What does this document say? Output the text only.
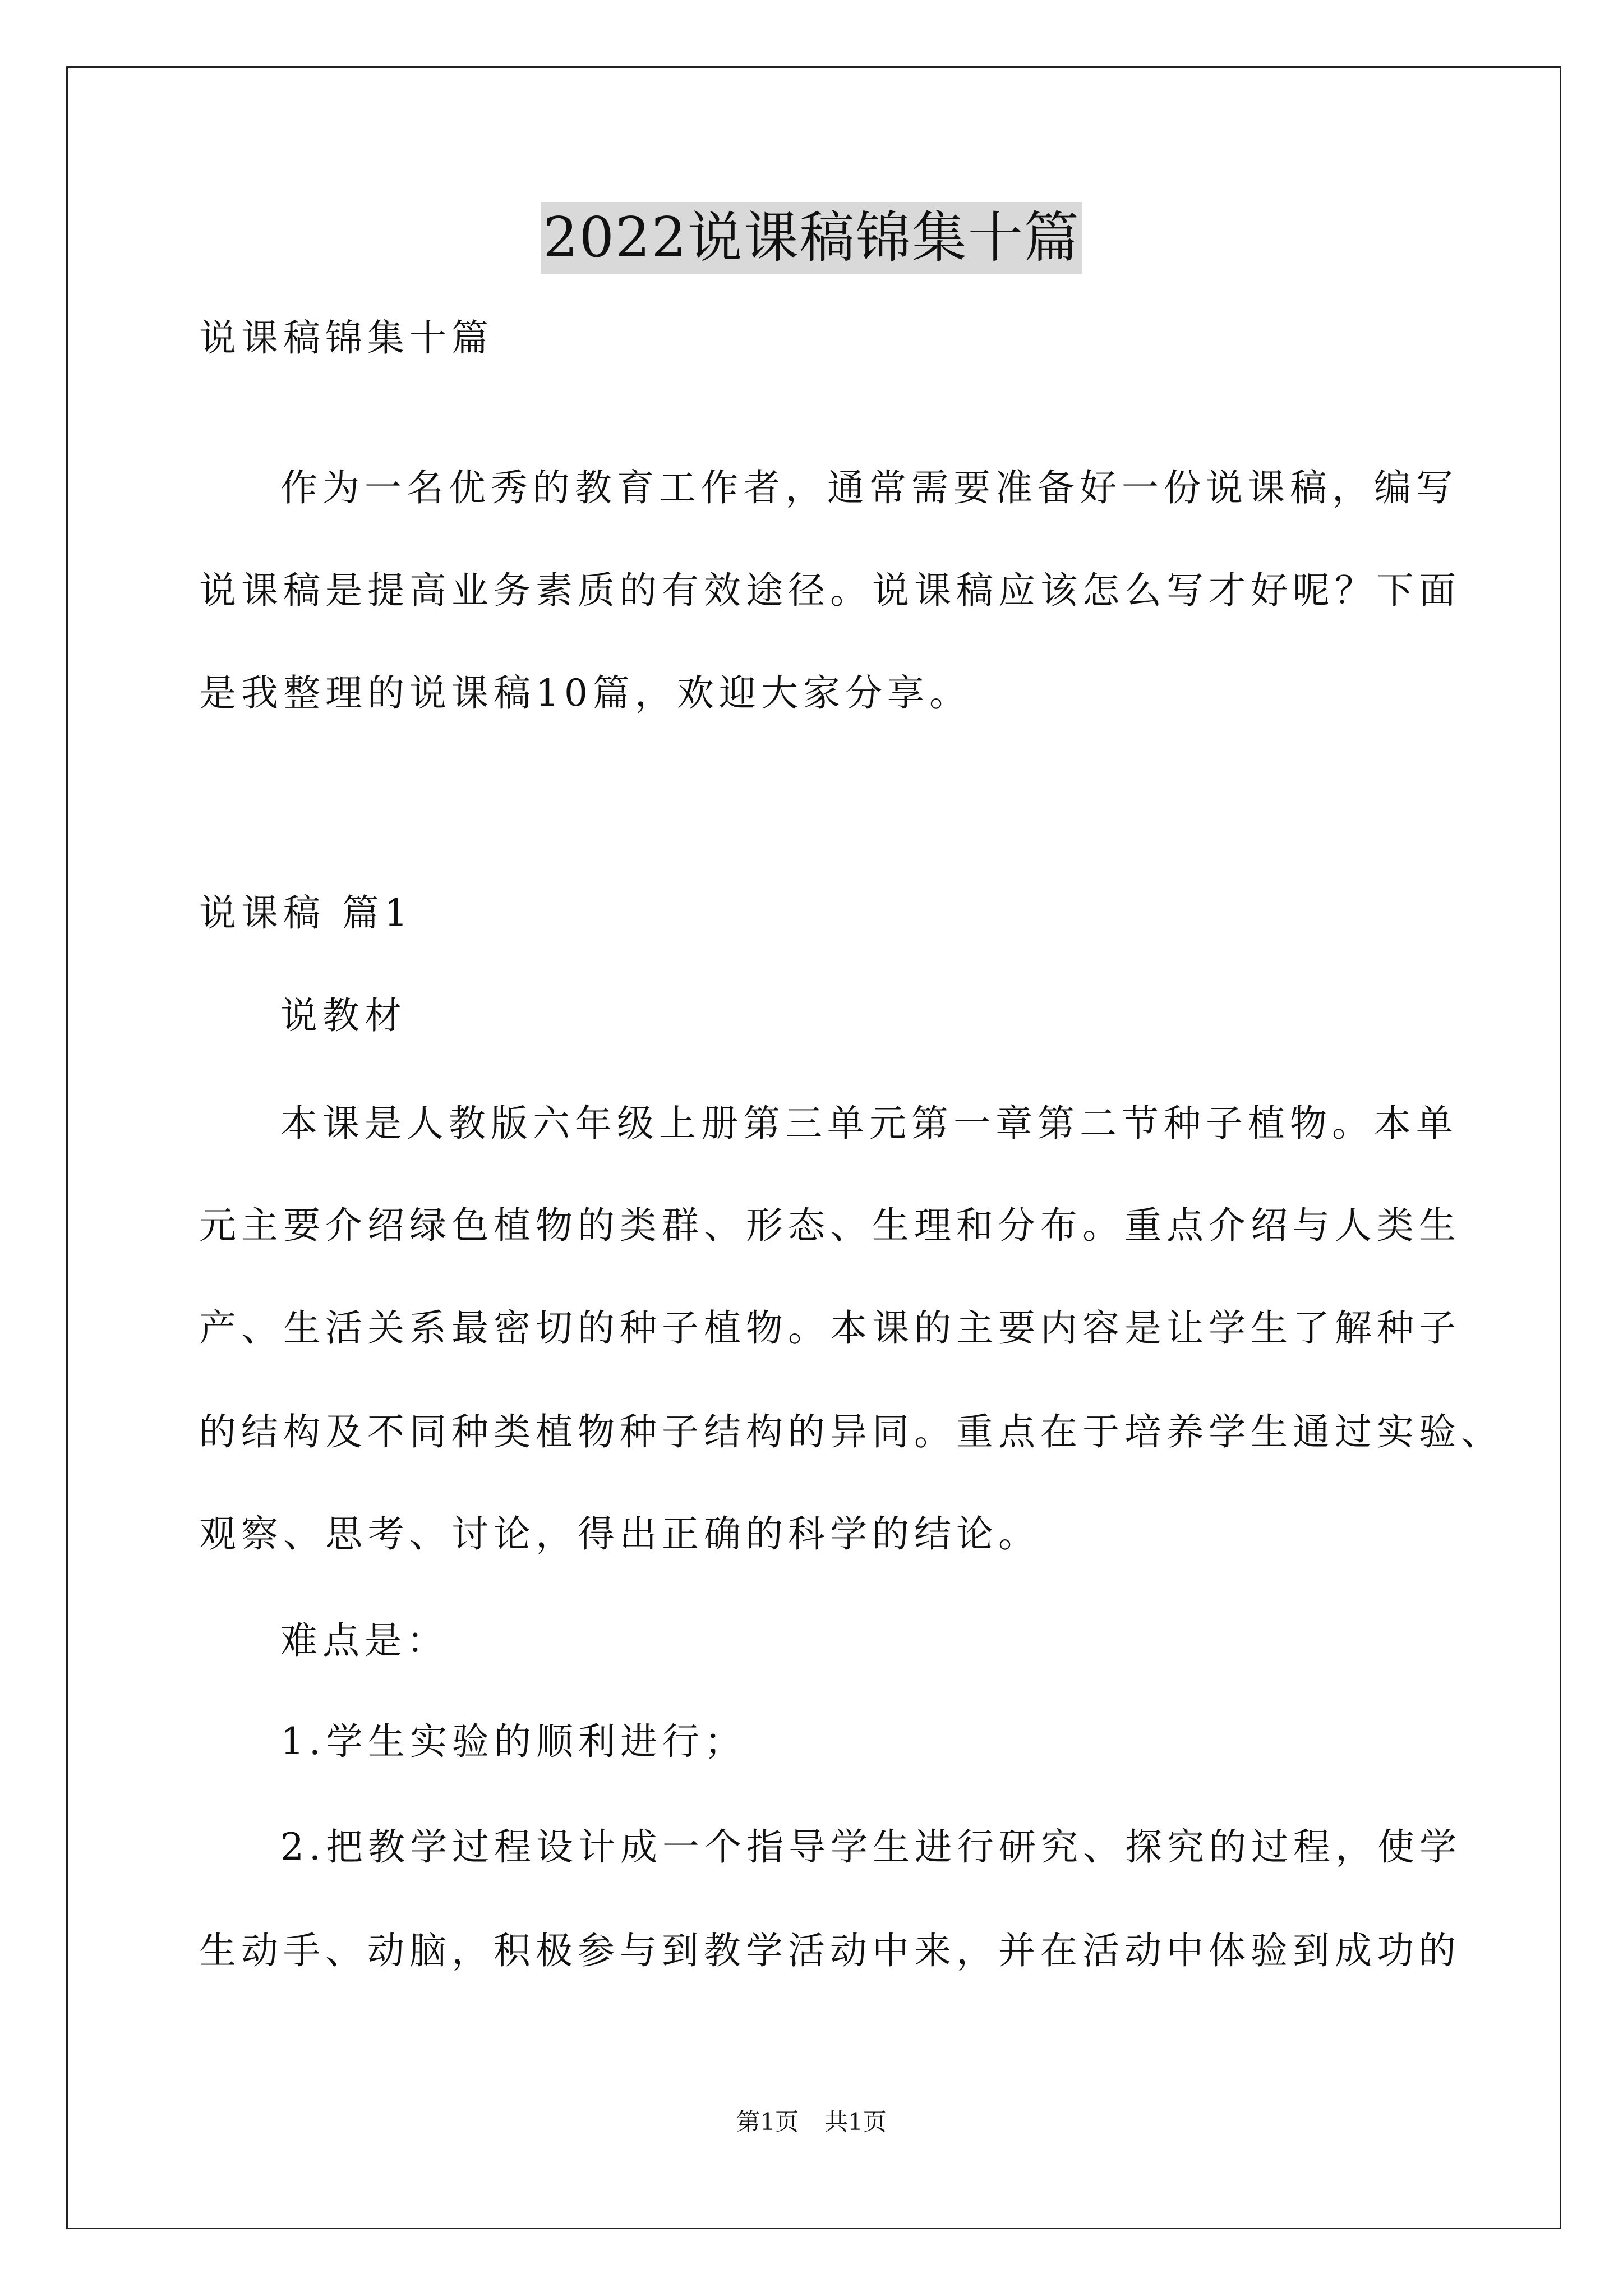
2022说课稿锦集十篇
说课稿锦集十篇
作为一名优秀的教育工作者，通常需要准备好一份说课稿，编写
说课稿是提高业务素质的有效途径。说课稿应该怎么写才好呢？下面
是我整理的说课稿10篇，欢迎大家分享。
说课稿 篇1
说教材
本课是人教版六年级上册第三单元第一章第二节种子植物。本单
元主要介绍绿色植物的类群、形态、生理和分布。重点介绍与人类生
产、生活关系最密切的种子植物。本课的主要内容是让学生了解种子
的结构及不同种类植物种子结构的异同。重点在于培养学生通过实验、
观察、思考、讨论，得出正确的科学的结论。
难点是：
1.学生实验的顺利进行；
2.把教学过程设计成一个指导学生进行研究、探究的过程，使学
生动手、动脑，积极参与到教学活动中来，并在活动中体验到成功的
第1页 共1页
